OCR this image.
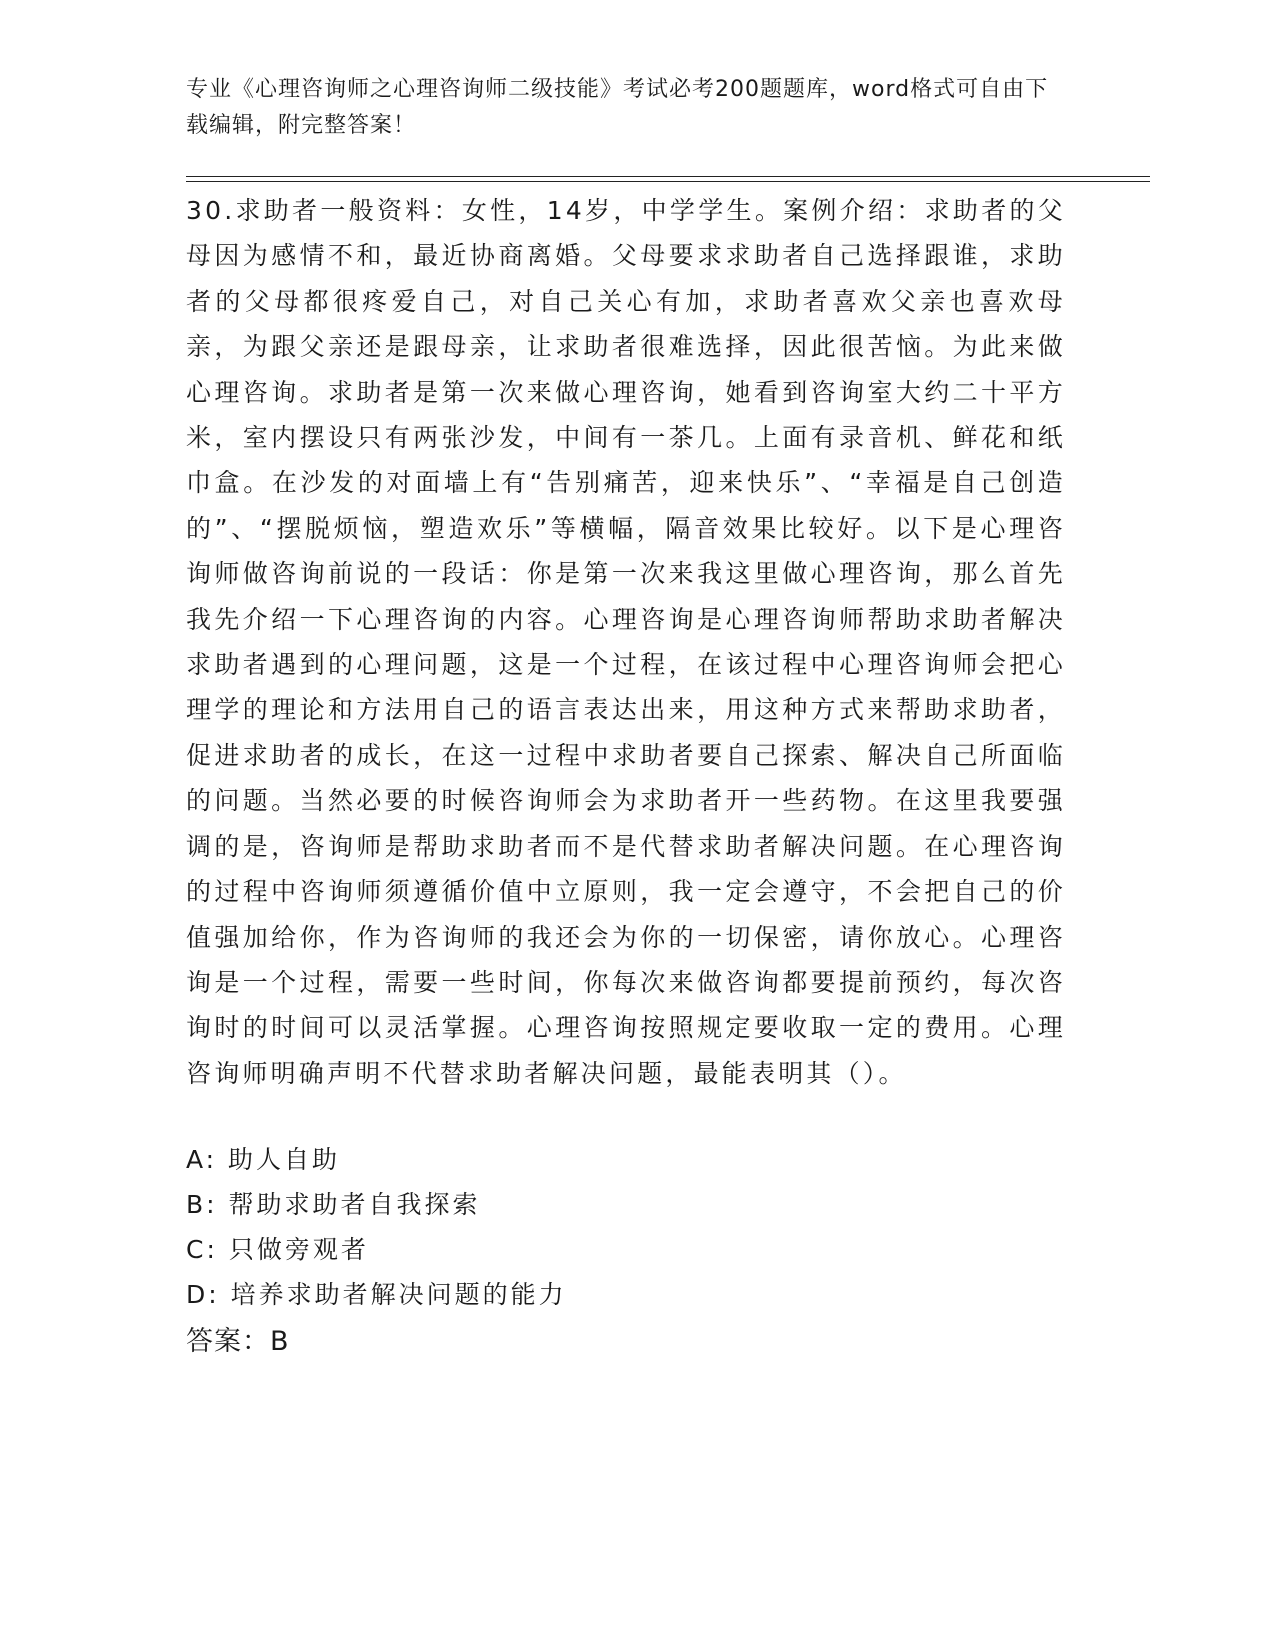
专业《心理咨询师之心理咨询师二级技能》考试必考200题题库，word格式可自由下载编辑，附完整答案！
30.求助者一般资料：女性，14岁，中学学生。案例介绍：求助者的父母因为感情不和，最近协商离婚。父母要求求助者自己选择跟谁，求助者的父母都很疼爱自己，对自己关心有加，求助者喜欢父亲也喜欢母亲，为跟父亲还是跟母亲，让求助者很难选择，因此很苦恼。为此来做心理咨询。求助者是第一次来做心理咨询，她看到咨询室大约二十平方米，室内摆设只有两张沙发，中间有一茶几。上面有录音机、鲜花和纸巾盒。在沙发的对面墙上有“告别痛苦，迎来快乐”、“幸福是自己创造的”、“摆脱烦恼，塑造欢乐”等横幅，隔音效果比较好。以下是心理咨询师做咨询前说的一段话：你是第一次来我这里做心理咨询，那么首先我先介绍一下心理咨询的内容。心理咨询是心理咨询师帮助求助者解决求助者遇到的心理问题，这是一个过程，在该过程中心理咨询师会把心理学的理论和方法用自己的语言表达出来，用这种方式来帮助求助者，促进求助者的成长，在这一过程中求助者要自己探索、解决自己所面临的问题。当然必要的时候咨询师会为求助者开一些药物。在这里我要强调的是，咨询师是帮助求助者而不是代替求助者解决问题。在心理咨询的过程中咨询师须遵循价值中立原则，我一定会遵守，不会把自己的价值强加给你，作为咨询师的我还会为你的一切保密，请你放心。心理咨询是一个过程，需要一些时间，你每次来做咨询都要提前预约，每次咨询时的时间可以灵活掌握。心理咨询按照规定要收取一定的费用。心理咨询师明确声明不代替求助者解决问题，最能表明其（）。
A: 助人自助
B: 帮助求助者自我探索
C: 只做旁观者
D: 培养求助者解决问题的能力
答案：B
